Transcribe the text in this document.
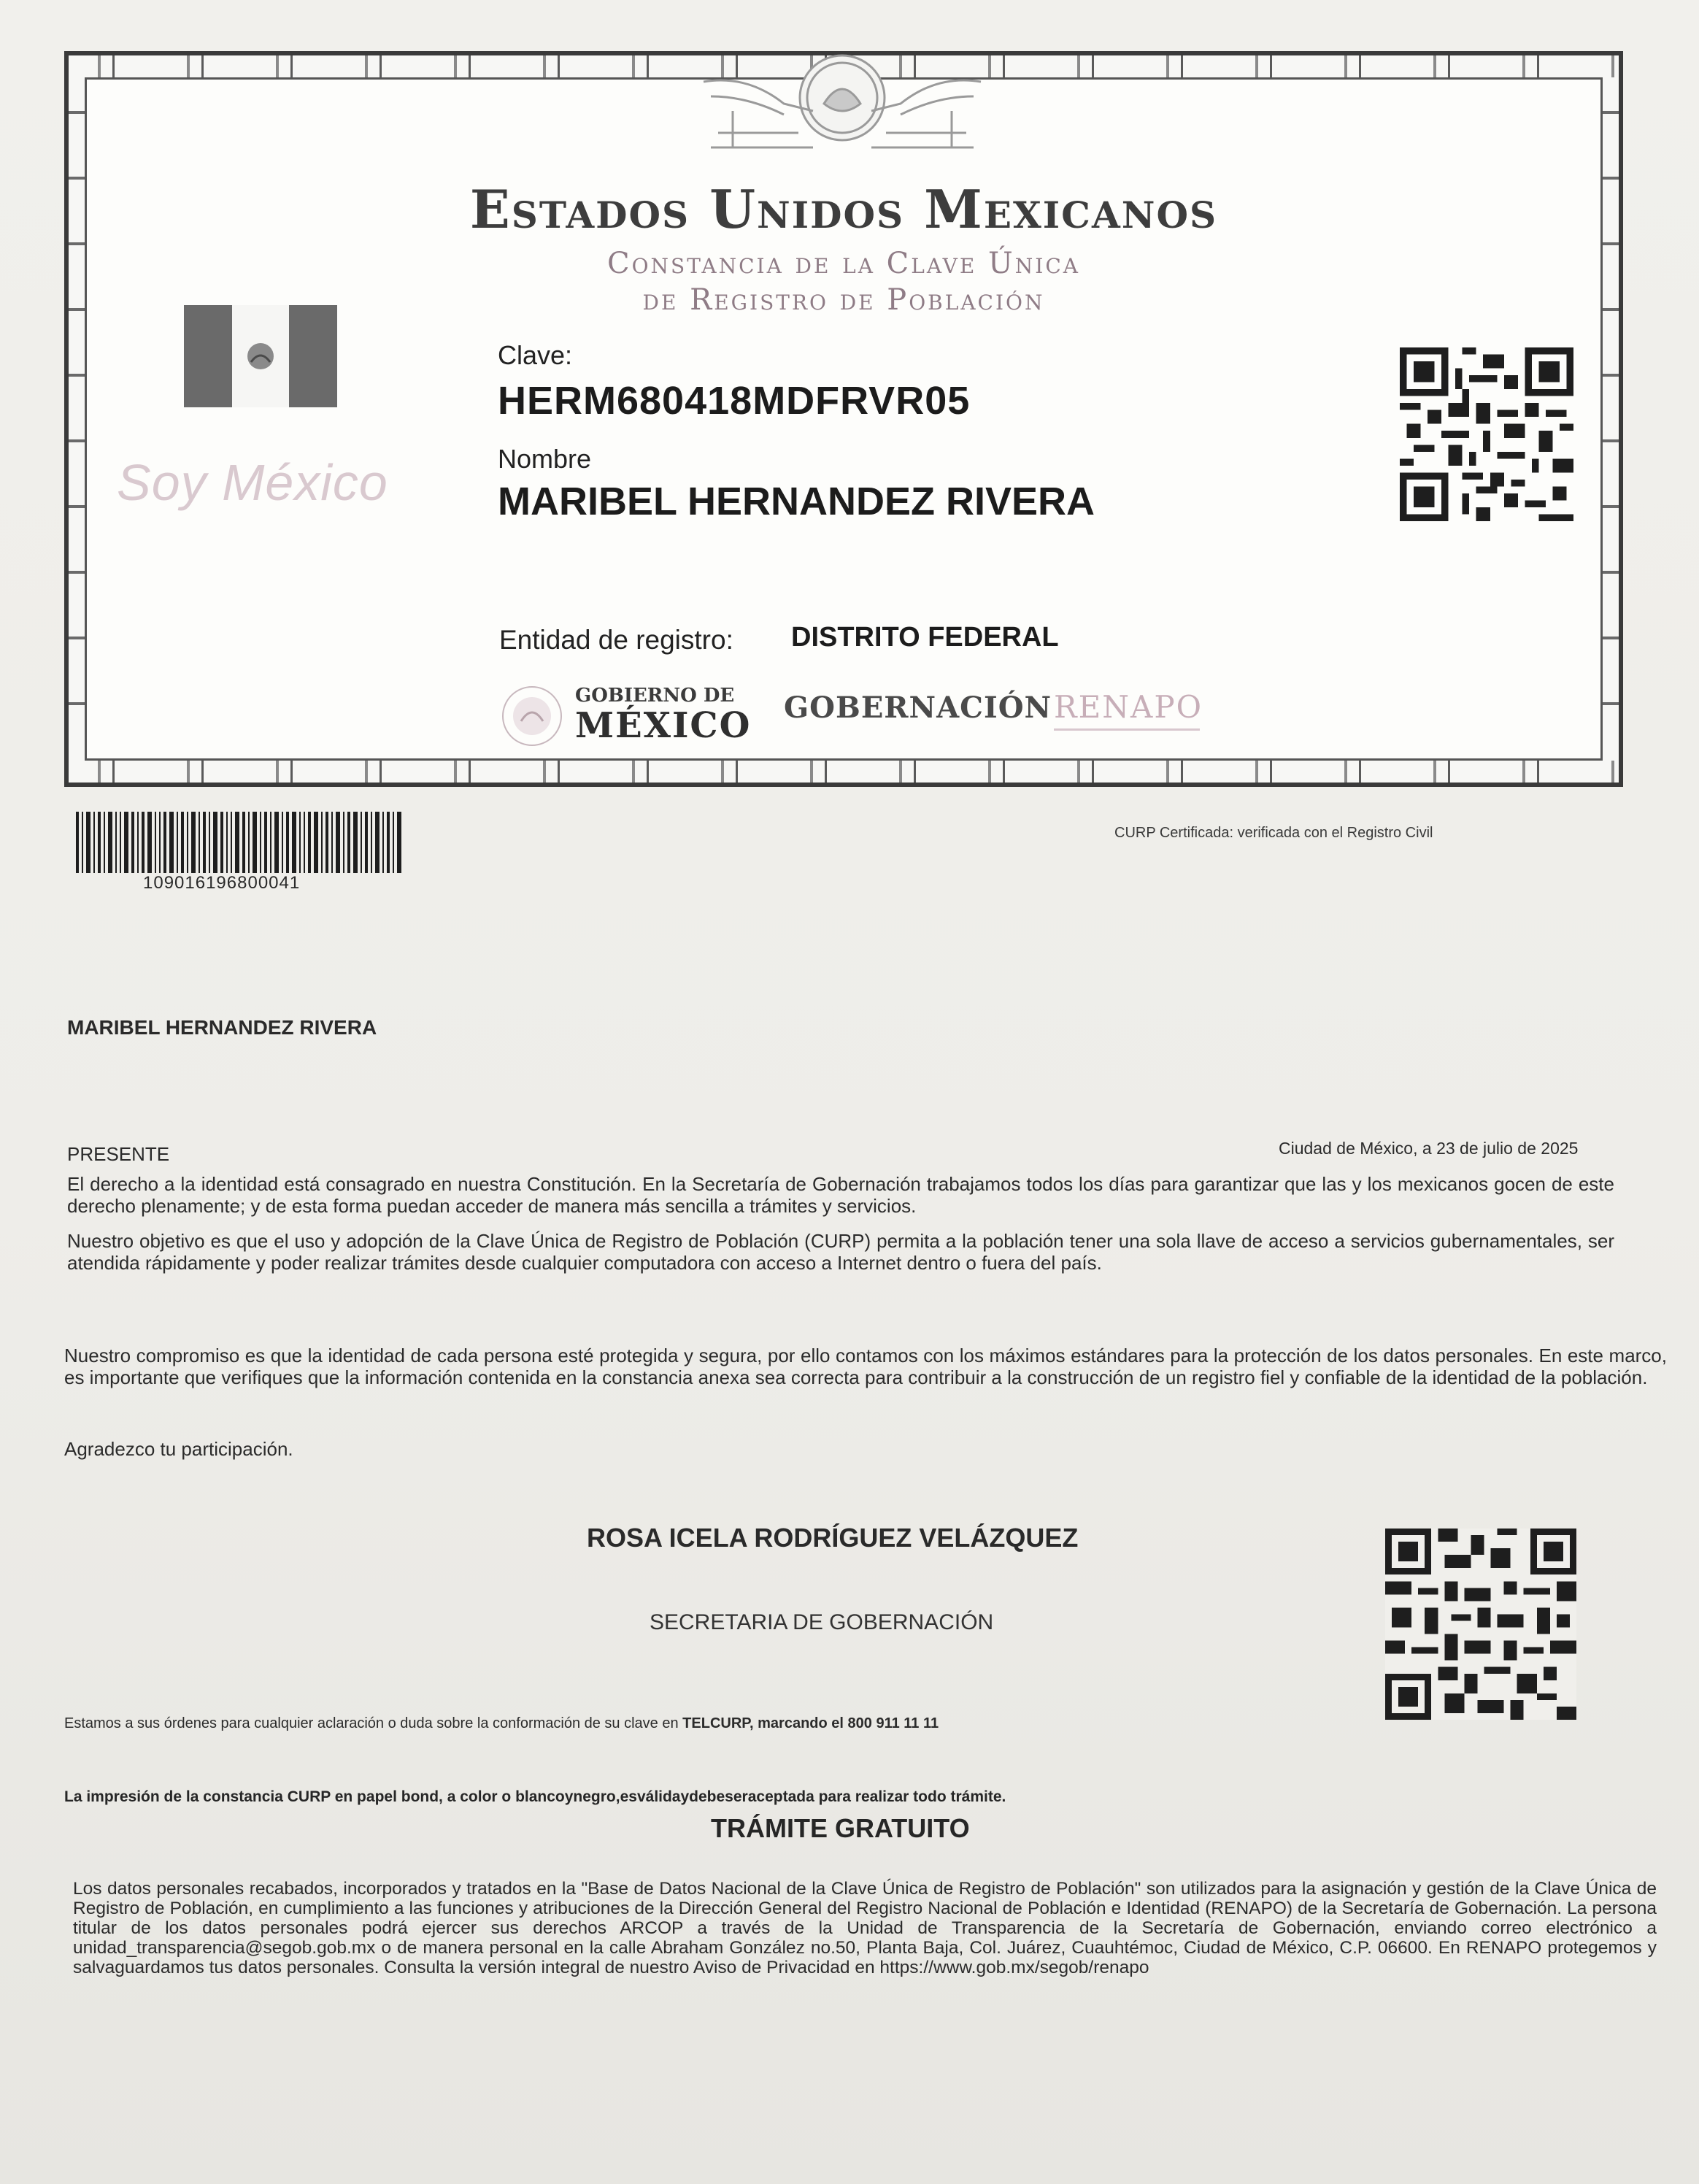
Estados Unidos Mexicanos
Constancia de la Clave Única
de Registro de Población
Soy México
Clave:
HERM680418MDFRVR05
Nombre
MARIBEL HERNANDEZ RIVERA
Entidad de registro: DISTRITO FEDERAL
GOBIERNO DE
MÉXICO GOBERNACIÓN RENAPO
109016196800041
CURP Certificada: verificada con el Registro Civil
MARIBEL HERNANDEZ RIVERA
PRESENTE	Ciudad de México, a 23 de julio de 2025
El derecho a la identidad está consagrado en nuestra Constitución. En la Secretaría de Gobernación trabajamos todos los días para garantizar que las y los mexicanos gocen de este derecho plenamente; y de esta forma puedan acceder de manera más sencilla a trámites y servicios.
Nuestro objetivo es que el uso y adopción de la Clave Única de Registro de Población (CURP) permita a la población tener una sola llave de acceso a servicios gubernamentales, ser atendida rápidamente y poder realizar trámites desde cualquier computadora con acceso a Internet dentro o fuera del país.
Nuestro compromiso es que la identidad de cada persona esté protegida y segura, por ello contamos con los máximos estándares para la protección de los datos personales. En este marco, es importante que verifiques que la información contenida en la constancia anexa sea correcta para contribuir a la construcción de un registro fiel y confiable de la identidad de la población.
Agradezco tu participación.
ROSA ICELA RODRÍGUEZ VELÁZQUEZ
SECRETARIA DE GOBERNACIÓN
Estamos a sus órdenes para cualquier aclaración o duda sobre la conformación de su clave en TELCURP, marcando el 800 911 11 11
La impresión de la constancia CURP en papel bond, a color o blancoynegro,esválidaydebeseraceptada para realizar todo trámite.
TRÁMITE GRATUITO
Los datos personales recabados, incorporados y tratados en la "Base de Datos Nacional de la Clave Única de Registro de Población" son utilizados para la asignación y gestión de la Clave Única de Registro de Población, en cumplimiento a las funciones y atribuciones de la Dirección General del Registro Nacional de Población e Identidad (RENAPO) de la Secretaría de Gobernación. La persona titular de los datos personales podrá ejercer sus derechos ARCOP a través de la Unidad de Transparencia de la Secretaría de Gobernación, enviando correo electrónico a unidad_transparencia@segob.gob.mx o de manera personal en la calle Abraham González no.50, Planta Baja, Col. Juárez, Cuauhtémoc, Ciudad de México, C.P. 06600. En RENAPO protegemos y salvaguardamos tus datos personales. Consulta la versión integral de nuestro Aviso de Privacidad en https://www.gob.mx/segob/renapo
